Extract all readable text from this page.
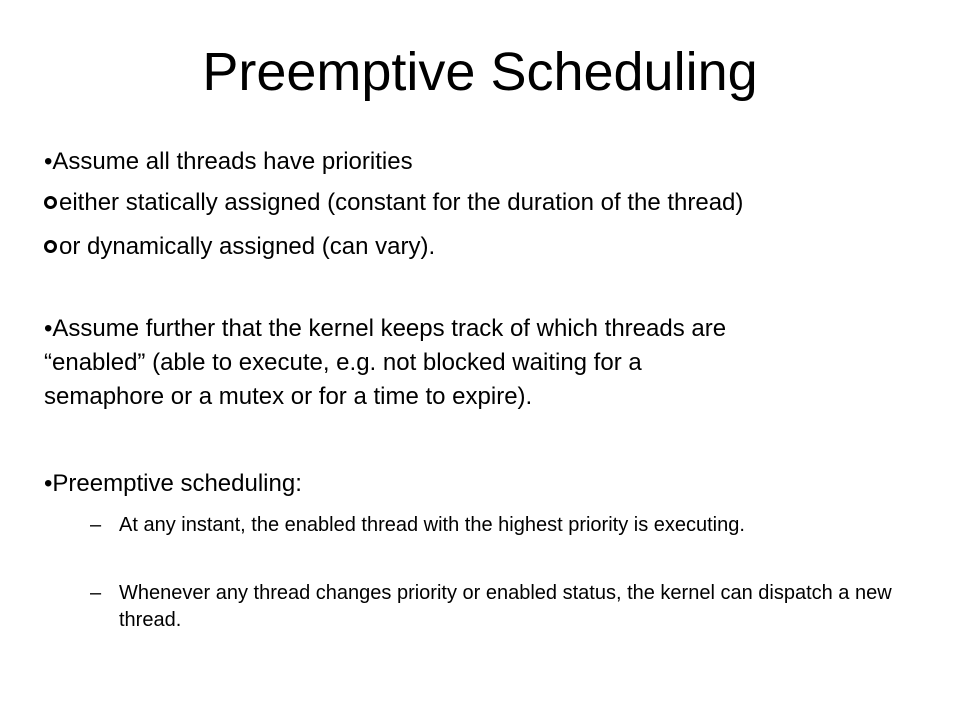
Preemptive Scheduling

•Assume all threads have priorities

either statically assigned (constant for the duration of the thread)

or dynamically assigned (can vary).

•Assume further that the kernel keeps track of which threads are
“enabled” (able to execute, e.g. not blocked waiting for a
semaphore or a mutex or for a time to expire).

•Preemptive scheduling:

– At any instant, the enabled thread with the highest priority is executing.
– Whenever any thread changes priority or enabled status, the kernel can dispatch a new thread.
